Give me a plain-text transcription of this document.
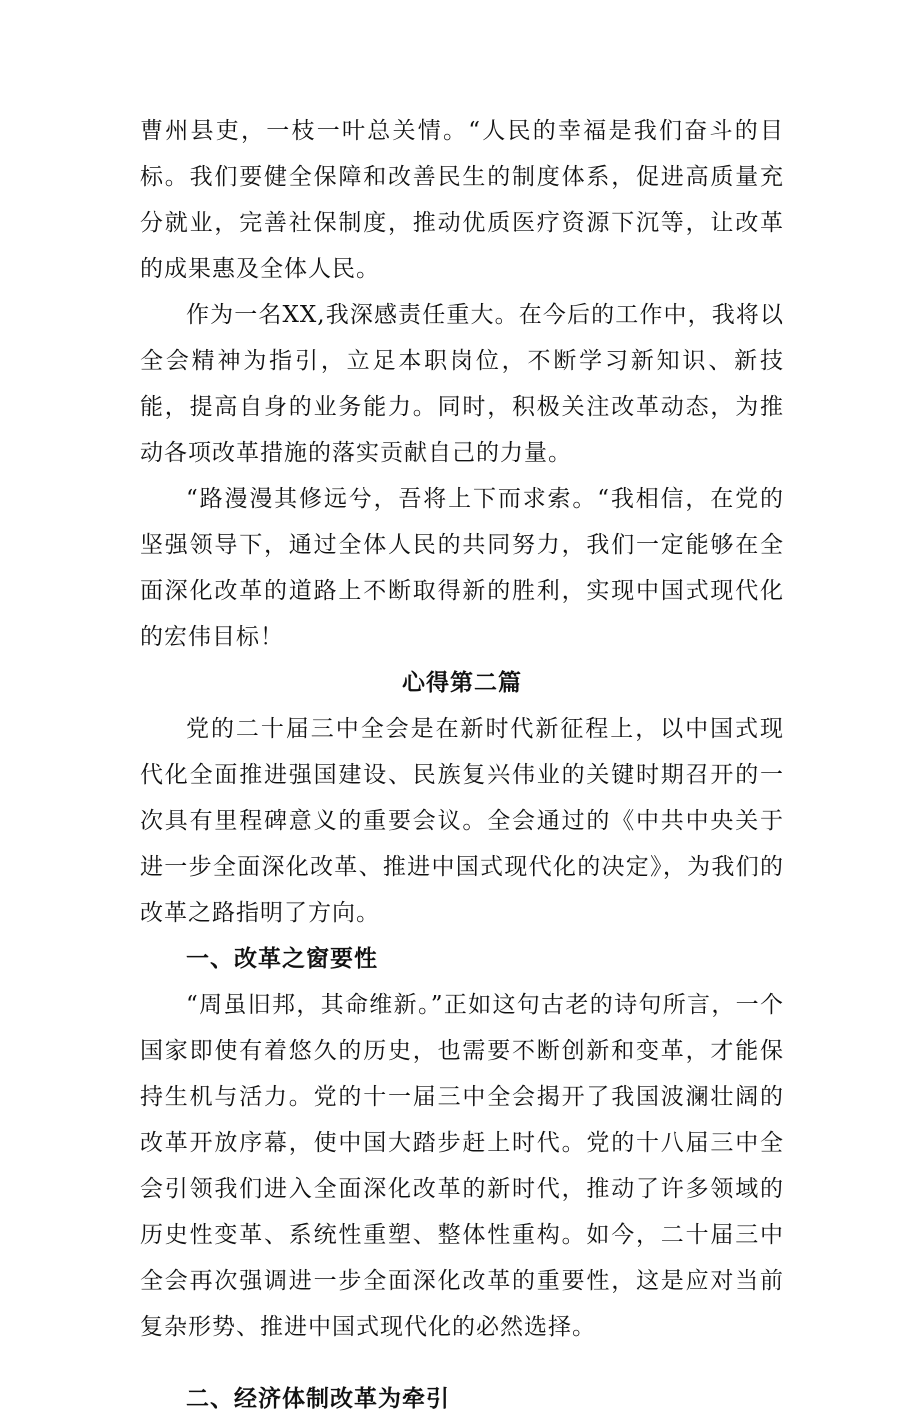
曹州县吏，一枝一叶总关情。“人民的幸福是我们奋斗的目标。我们要健全保障和改善民生的制度体系，促进高质量充分就业，完善社保制度，推动优质医疗资源下沉等，让改革的成果惠及全体人民。

作为一名XX,我深感责任重大。在今后的工作中，我将以全会精神为指引，立足本职岗位，不断学习新知识、新技能，提高自身的业务能力。同时，积极关注改革动态，为推动各项改革措施的落实贡献自己的力量。

“路漫漫其修远兮，吾将上下而求索。“我相信，在党的坚强领导下，通过全体人民的共同努力，我们一定能够在全面深化改革的道路上不断取得新的胜利，实现中国式现代化的宏伟目标！

心得第二篇

党的二十届三中全会是在新时代新征程上，以中国式现代化全面推进强国建设、民族复兴伟业的关键时期召开的一次具有里程碑意义的重要会议。全会通过的《中共中央关于进一步全面深化改革、推进中国式现代化的决定》，为我们的改革之路指明了方向。

一、改革之窗要性

“周虽旧邦，其命维新。”正如这句古老的诗句所言，一个国家即使有着悠久的历史，也需要不断创新和变革，才能保持生机与活力。党的十一届三中全会揭开了我国波澜壮阔的改革开放序幕，使中国大踏步赶上时代。党的十八届三中全会引领我们进入全面深化改革的新时代，推动了许多领域的历史性变革、系统性重塑、整体性重构。如今，二十届三中全会再次强调进一步全面深化改革的重要性，这是应对当前复杂形势、推进中国式现代化的必然选择。

二、经济体制改革为牵引
